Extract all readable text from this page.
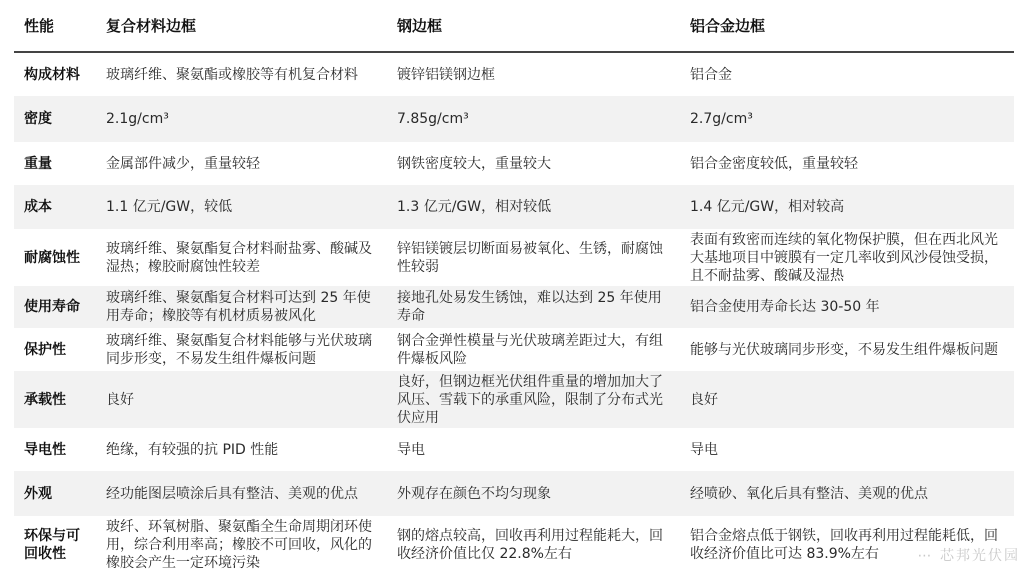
性能	复合材料边框	钢边框	铝合金边框
构成材料	玻璃纤维、聚氨酯或橡胶等有机复合材料	镀锌铝镁钢边框	铝合金
密度	2.1g/cm³	7.85g/cm³	2.7g/cm³
重量	金属部件减少，重量较轻	钢铁密度较大，重量较大	铝合金密度较低，重量较轻
成本	1.1 亿元/GW，较低	1.3 亿元/GW，相对较低	1.4 亿元/GW，相对较高
耐腐蚀性	玻璃纤维、聚氨酯复合材料耐盐雾、酸碱及湿热；橡胶耐腐蚀性较差	锌铝镁镀层切断面易被氧化、生锈，耐腐蚀性较弱	表面有致密而连续的氧化物保护膜，但在西北风光大基地项目中镀膜有一定几率收到风沙侵蚀受损，且不耐盐雾、酸碱及湿热
使用寿命	玻璃纤维、聚氨酯复合材料可达到 25 年使用寿命；橡胶等有机材质易被风化	接地孔处易发生锈蚀，难以达到 25 年使用寿命	铝合金使用寿命长达 30-50 年
保护性	玻璃纤维、聚氨酯复合材料能够与光伏玻璃同步形变，不易发生组件爆板问题	钢合金弹性模量与光伏玻璃差距过大，有组件爆板风险	能够与光伏玻璃同步形变，不易发生组件爆板问题
承载性	良好	良好，但钢边框光伏组件重量的增加加大了风压、雪载下的承重风险，限制了分布式光伏应用	良好
导电性	绝缘，有较强的抗 PID 性能	导电	导电
外观	经功能图层喷涂后具有整洁、美观的优点	外观存在颜色不均匀现象	经喷砂、氧化后具有整洁、美观的优点
环保与可回收性	玻纤、环氧树脂、聚氨酯全生命周期闭环使用，综合利用率高；橡胶不可回收，风化的橡胶会产生一定环境污染	钢的熔点较高，回收再利用过程能耗大，回收经济价值比仅 22.8%左右	铝合金熔点低于钢铁，回收再利用过程能耗低，回收经济价值比可达 83.9%左右
⋯ 芯邦光伏园
